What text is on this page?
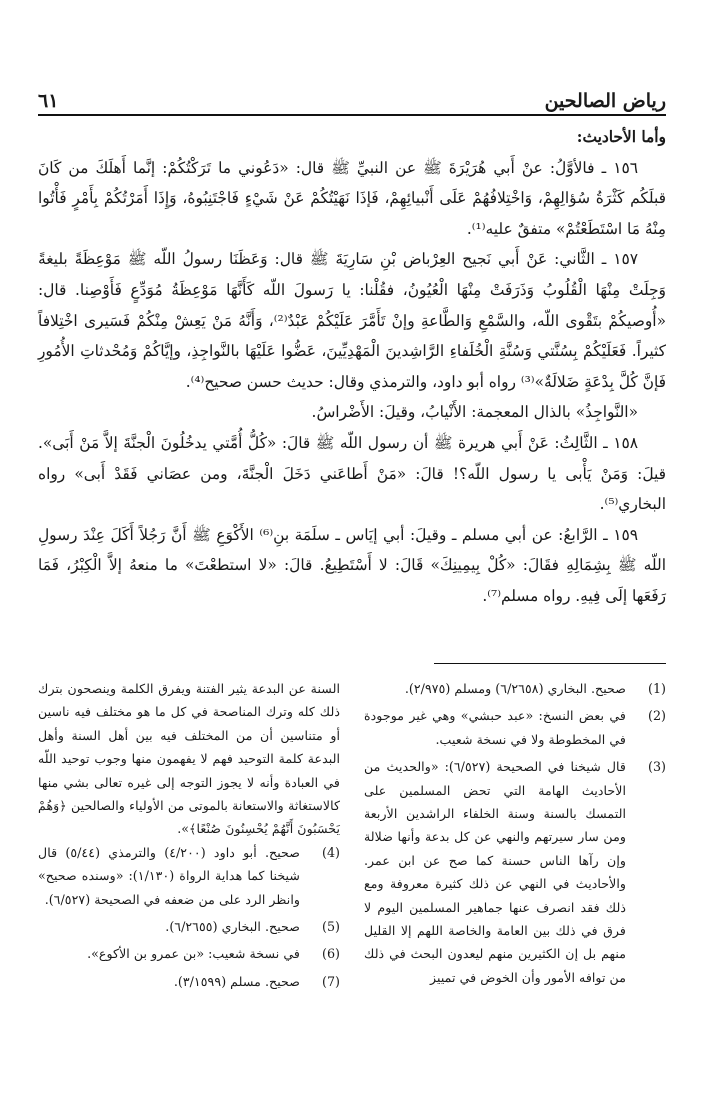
رياض الصالحين
٦١

وأما الأحاديث:

١٥٦ ـ فالأوَّلُ: عنْ أَبي هُرَيْرَةَ ﷺ عن النبيِّ ﷺ قال: «دَعُوني ما تَرَكْتُكُمْ: إنَّما أَهلَكَ من كَانَ قبلَكُم كَثْرَةُ سُؤالِهِمْ، وَاخْتِلافُهُمْ عَلَى أَنْبيائِهِمْ، فَإذَا نَهَيْتُكُمْ عَنْ شَيْءٍ فَاجْتَنِبُوهُ، وَإِذَا أَمَرْتُكُمْ بِأَمْرٍ فَأْتُوا مِنْهُ مَا اسْتَطَعْتُمْ» متفقٌ عليه⁽¹⁾.

١٥٧ ـ الثَّاني: عَنْ أَبي نَجيح العِرْباض بْنِ سَارِيَةَ ﷺ قال: وَعَظَنَا رسولُ اللّه ﷺ مَوْعِظَةً بليغةً وَجِلَتْ مِنْهَا الْقُلُوبُ وَذَرَفَتْ مِنْهَا الْعُيُونُ، فقُلْنا: يا رَسولَ اللّه كَأَنَّهَا مَوْعِظَةُ مُوَدِّعٍ فَأَوْصِنا. قال: «أُوصيكُمْ بتَقْوى اللّه، والسَّمْعِ وَالطَّاعةِ وإنْ تَأَمَّرَ عَلَيْكُمْ عَبْدٌ⁽²⁾، وَأَنَّهُ مَنْ يَعِشْ مِنْكُمْ فَسَيرى اخْتِلافاً كثيراً. فَعَلَيْكُمْ بِسُنَّتي وَسُنَّةِ الْخُلَفاءِ الرَّاشِدينَ الْمَهْدِيِّينَ، عَضُّوا عَلَيْهَا بالنَّواجِذِ، وإيَّاكُمْ وَمُحْدثاتِ الأُمُورِ فَإنَّ كُلَّ بِدْعَةٍ ضَلالَةٌ»⁽³⁾ رواه أبو داود، والترمذي وقال: حديث حسن صحيح⁽⁴⁾.

«النَّواجِذُ» بالذال المعجمة: الأَنْيابُ، وقيلَ: الأَضْراسُ.

١٥٨ ـ الثَّالِثُ: عَنْ أَبي هريرة ﷺ أن رسول اللّه ﷺ قالَ: «كُلُّ أُمَّتي يدخُلُونَ الْجنَّةَ إلاَّ مَنْ أَبَى». قيلَ: وَمَنْ يَأْبى يا رسول اللّه؟! قالَ: «مَنْ أَطاعَني دَخَلَ الْجنَّةَ، ومن عصَاني فَقَدْ أَبى» رواه البخاري⁽⁵⁾.

١٥٩ ـ الرَّابعُ: عن أبي مسلم ـ وقيلَ: أبي إيَاس ـ سلَمَة بنِ⁽⁶⁾ الأَكْوَعِ ﷺ أَنَّ رَجُلاً أَكَلَ عِنْدَ رسولِ اللّه ﷺ بِشِمَالِهِ فقَالَ: «كُلْ بِيمِينِكَ» قَالَ: لا أَسْتَطِيعُ. قالَ: «لا استطعْتَ» ما منعهُ إلاَّ الْكِبْرُ، فَمَا رَفَعَها إلَى فِيهِ. رواه مسلم⁽⁷⁾.

(1)
صحيح. البخاري (٦/٢٦٥٨) ومسلم (٢/٩٧٥).
(2)
في بعض النسخ: «عبد حبشي» وهي غير موجودة في المخطوطة ولا في نسخة شعيب.
(3)
قال شيخنا في الصحيحة (٦/٥٢٧): «والحديث من الأحاديث الهامة التي تحض المسلمين على التمسك بالسنة وسنة الخلفاء الراشدين الأربعة ومن سار سيرتهم والنهي عن كل بدعة وأنها ضلالة وإن رآها الناس حسنة كما صح عن ابن عمر. والأحاديث في النهي عن ذلك كثيرة معروفة ومع ذلك فقد انصرف عنها جماهير المسلمين اليوم لا فرق في ذلك بين العامة والخاصة اللهم إلا القليل منهم بل إن الكثيرين منهم ليعدون البحث في ذلك من توافه الأمور وأن الخوض في تمييز
السنة عن البدعة يثير الفتنة ويفرق الكلمة وينصحون بترك ذلك كله وترك المناصحة في كل ما هو مختلف فيه ناسين أو متناسين أن من المختلف فيه بين أهل السنة وأهل البدعة كلمة التوحيد فهم لا يفهمون منها وجوب توحيد اللّه في العبادة وأنه لا يجوز التوجه إلى غيره تعالى بشي منها كالاستغاثة والاستعانة بالموتى من الأولياء والصالحين ﴿وَهُمْ يَحْسَبُونَ أَنَّهُمْ يُحْسِنُونَ صُنْعًا﴾».
(4)
صحيح. أبو داود (٤/٢٠٠) والترمذي (٥/٤٤) قال شيخنا كما هداية الرواة (١/١٣٠): «وسنده صحيح» وانظر الرد على من ضعفه في الصحيحة (٦/٥٢٧).
(5)
صحيح. البخاري (٦/٢٦٥٥).
(6)
في نسخة شعيب: «بن عمرو بن الأكوع».
(7)
صحيح. مسلم (٣/١٥٩٩).
